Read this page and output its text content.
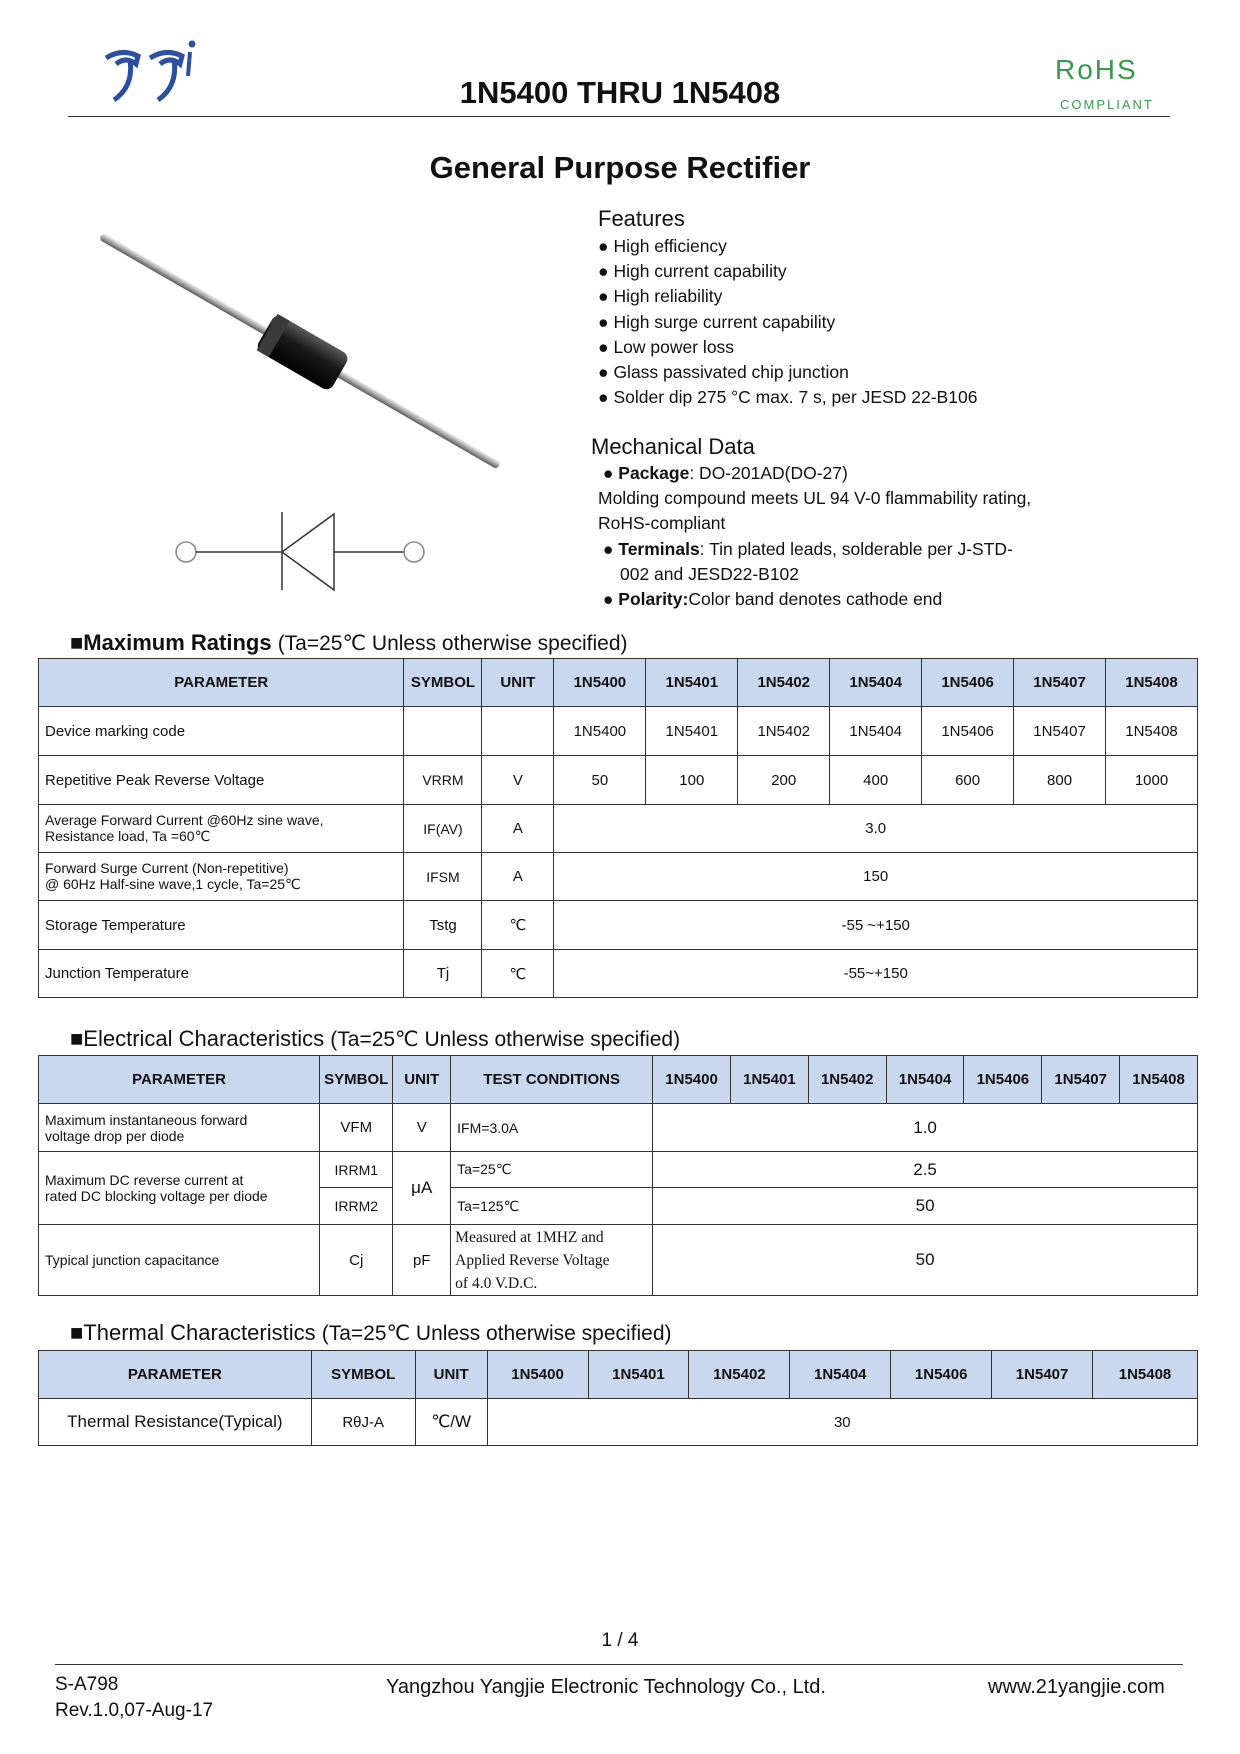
1N5400 THRU 1N5408
RoHS
COMPLIANT
General Purpose Rectifier
Features
● High efficiency
● High current capability
● High reliability
● High surge current capability
● Low power loss
● Glass passivated chip junction
● Solder dip 275 °C max. 7 s, per JESD 22-B106
Mechanical Data
● Package: DO-201AD(DO-27)
Molding compound meets UL 94 V-0 flammability rating,
RoHS-compliant
● Terminals: Tin plated leads, solderable per J-STD-
002 and JESD22-B102
● Polarity:Color band denotes cathode end
■Maximum Ratings (Ta=25℃ Unless otherwise specified)
PARAMETER	SYMBOL	UNIT	1N5400	1N5401	1N5402	1N5404	1N5406	1N5407	1N5408
Device marking code			1N5400	1N5401	1N5402	1N5404	1N5406	1N5407	1N5408
Repetitive Peak Reverse Voltage	VRRM	V	50	100	200	400	600	800	1000

Average Forward Current @60Hz sine wave,
Resistance load, Ta =60℃	IF(AV)	A	3.0						

Forward Surge Current (Non-repetitive)
@ 60Hz Half-sine wave,1 cycle, Ta=25℃	IFSM	A	150						
Storage Temperature	Tstg	℃	-55 ~+150						
Junction Temperature	Tj	℃	-55~+150						
■Electrical Characteristics (Ta=25℃ Unless otherwise specified)
PARAMETER	SYMBOL	UNIT	TEST CONDITIONS	1N5400	1N5401	1N5402	1N5404	1N5406	1N5407	1N5408

Maximum instantaneous forward
voltage drop per diode	VFM	V	IFM=3.0A	1.0						

Maximum DC reverse current at
rated DC blocking voltage per diode	IRRM1	μA	Ta=25℃	2.5						
	IRRM2		Ta=125℃	50						
Typical junction capacitance	Cj	pF	Measured at 1MHZ and
Applied Reverse Voltage
of 4.0 V.D.C.	50						
■Thermal Characteristics (Ta=25℃ Unless otherwise specified)
PARAMETER	SYMBOL	UNIT	1N5400	1N5401	1N5402	1N5404	1N5406	1N5407	1N5408
Thermal Resistance(Typical)	RθJ-A	℃/W	30						
1 / 4
S-A798
Rev.1.0,07-Aug-17
Yangzhou Yangjie Electronic Technology Co., Ltd.	www.21yangjie.com
